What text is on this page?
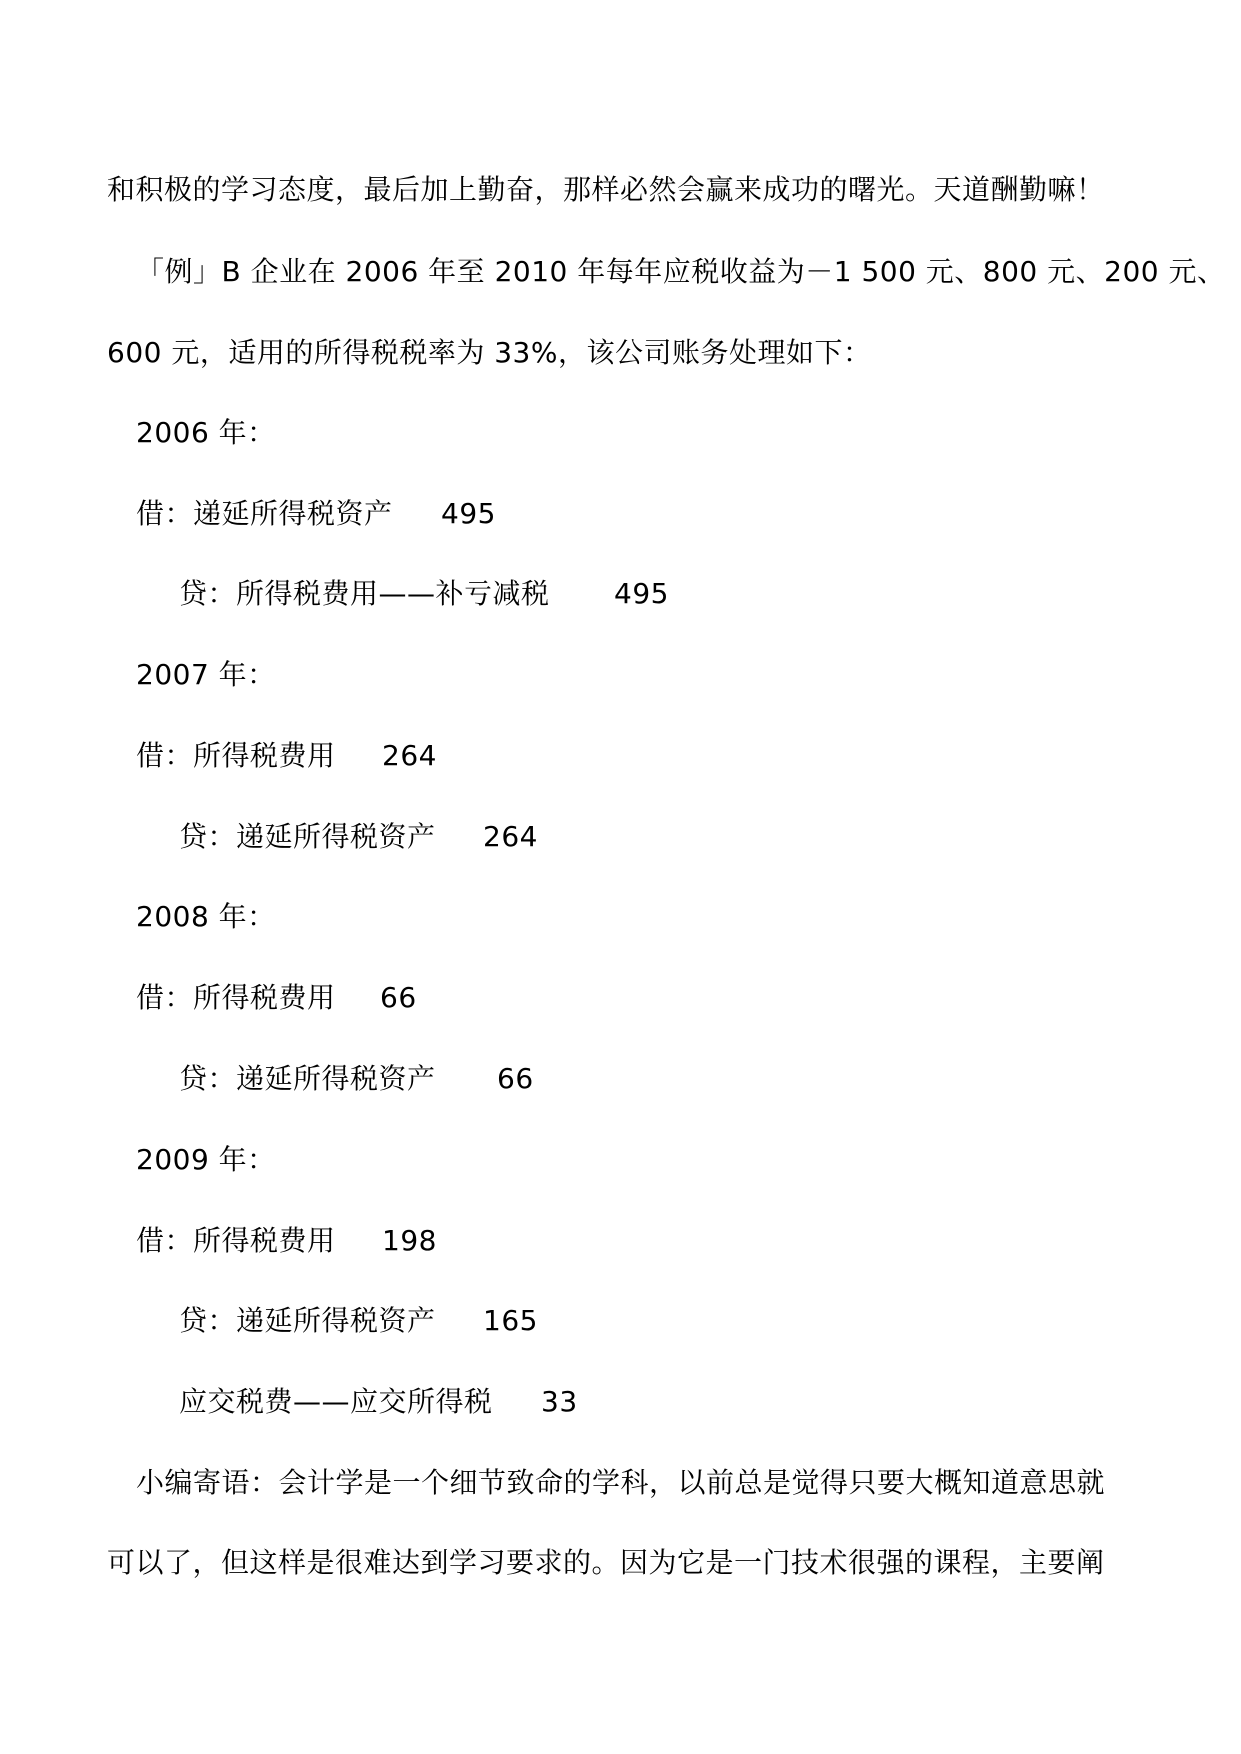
和积极的学习态度，最后加上勤奋，那样必然会赢来成功的曙光。天道酬勤嘛！
「例」B 企业在 2006 年至 2010 年每年应税收益为－1 500 元、800 元、200 元、
600 元，适用的所得税税率为 33%，该公司账务处理如下：
2006 年：
借：递延所得税资产 495
贷：所得税费用——补亏减税 495
2007 年：
借：所得税费用 264
贷：递延所得税资产 264
2008 年：
借：所得税费用 66
贷：递延所得税资产 66
2009 年：
借：所得税费用 198
贷：递延所得税资产 165
应交税费——应交所得税 33
小编寄语：会计学是一个细节致命的学科，以前总是觉得只要大概知道意思就
可以了，但这样是很难达到学习要求的。因为它是一门技术很强的课程，主要阐
